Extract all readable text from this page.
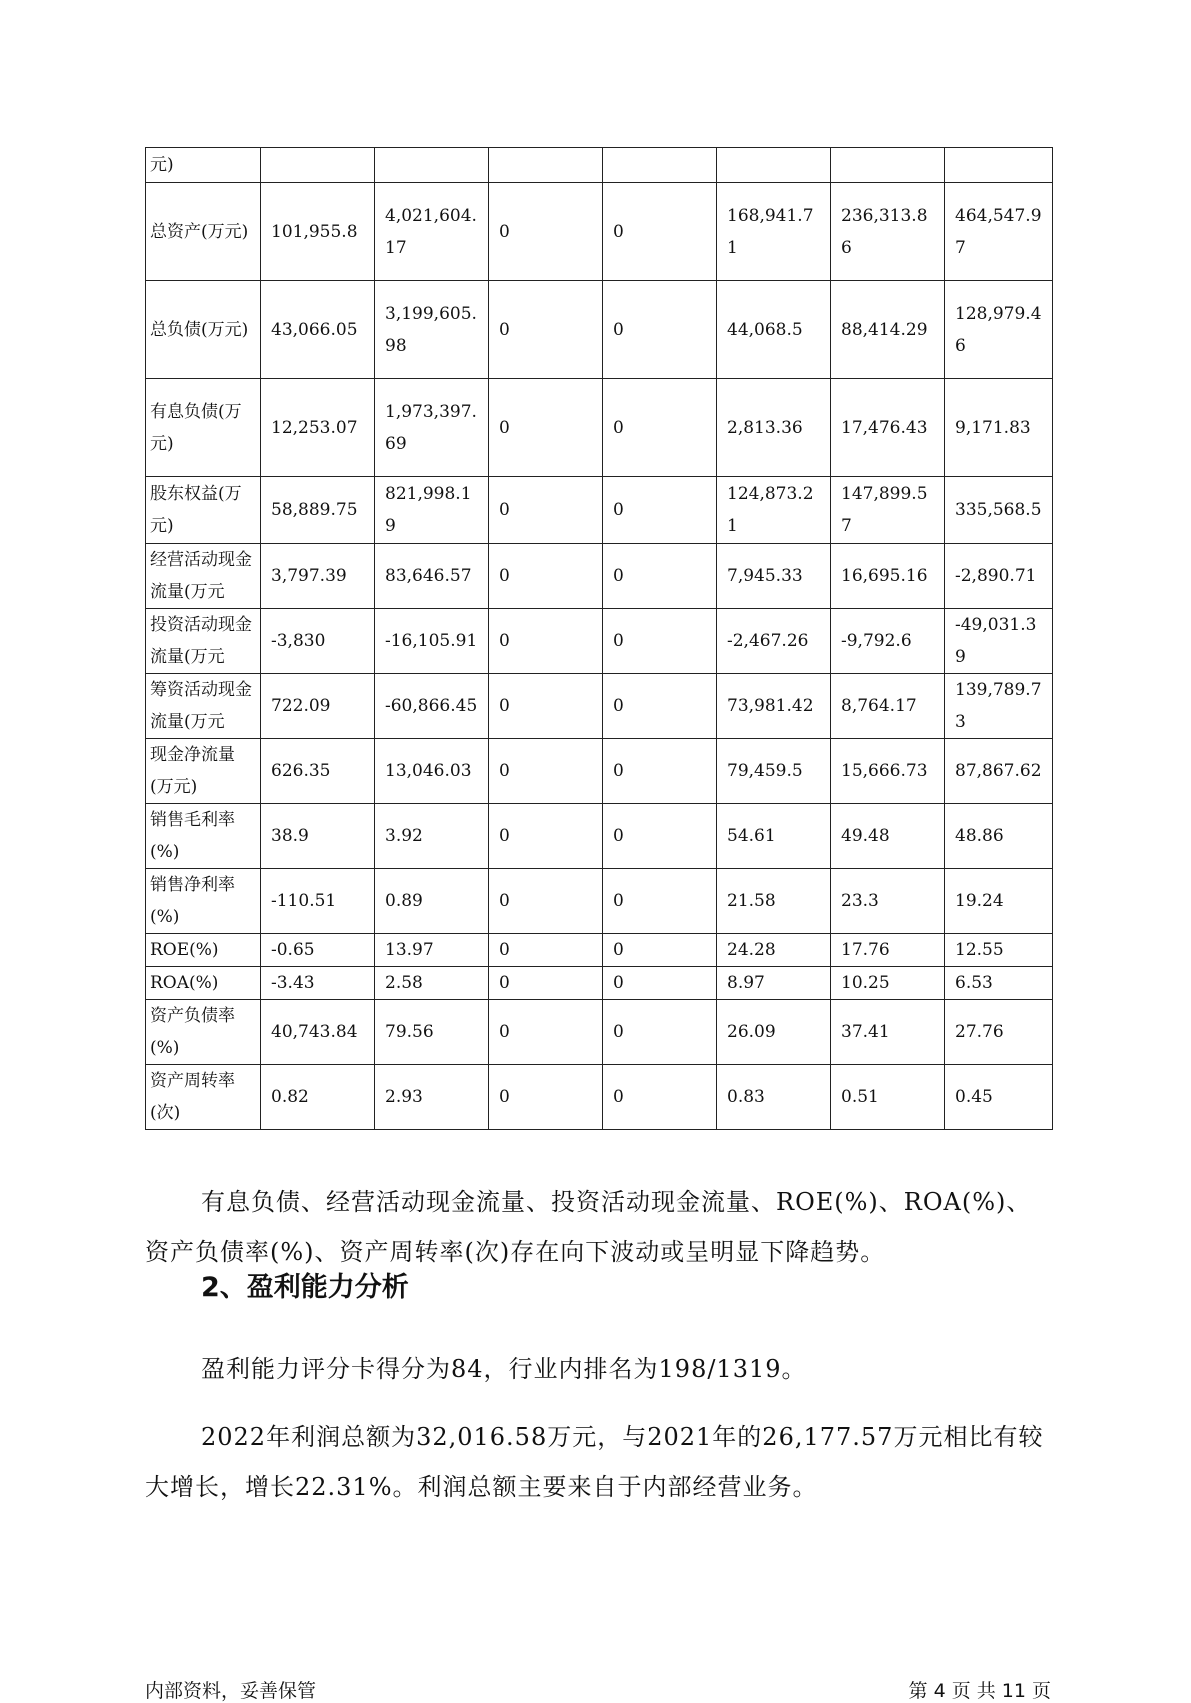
元)							
总资产(万元)	101,955.8	4,021,604.17	0	0	168,941.71	236,313.86	464,547.97
总负债(万元)	43,066.05	3,199,605.98	0	0	44,068.5	88,414.29	128,979.46
有息负债(万元)	12,253.07	1,973,397.69	0	0	2,813.36	17,476.43	9,171.83
股东权益(万元)	58,889.75	821,998.19	0	0	124,873.21	147,899.57	335,568.5
经营活动现金流量(万元	3,797.39	83,646.57	0	0	7,945.33	16,695.16	-2,890.71
投资活动现金流量(万元	-3,830	-16,105.91	0	0	-2,467.26	-9,792.6	-49,031.39
筹资活动现金流量(万元	722.09	-60,866.45	0	0	73,981.42	8,764.17	139,789.73
现金净流量(万元)	626.35	13,046.03	0	0	79,459.5	15,666.73	87,867.62
销售毛利率(%)	38.9	3.92	0	0	54.61	49.48	48.86
销售净利率(%)	-110.51	0.89	0	0	21.58	23.3	19.24
ROE(%)	-0.65	13.97	0	0	24.28	17.76	12.55
ROA(%)	-3.43	2.58	0	0	8.97	10.25	6.53
资产负债率(%)	40,743.84	79.56	0	0	26.09	37.41	27.76
资产周转率(次)	0.82	2.93	0	0	0.83	0.51	0.45

有息负债、经营活动现金流量、投资活动现金流量、ROE(%)、ROA(%)、资产负债率(%)、资产周转率(次)存在向下波动或呈明显下降趋势。

2、盈利能力分析

盈利能力评分卡得分为84，行业内排名为198/1319。

2022年利润总额为32,016.58万元，与2021年的26,177.57万元相比有较大增长，增长22.31%。利润总额主要来自于内部经营业务。

内部资料，妥善保管	第 4 页 共 11 页
